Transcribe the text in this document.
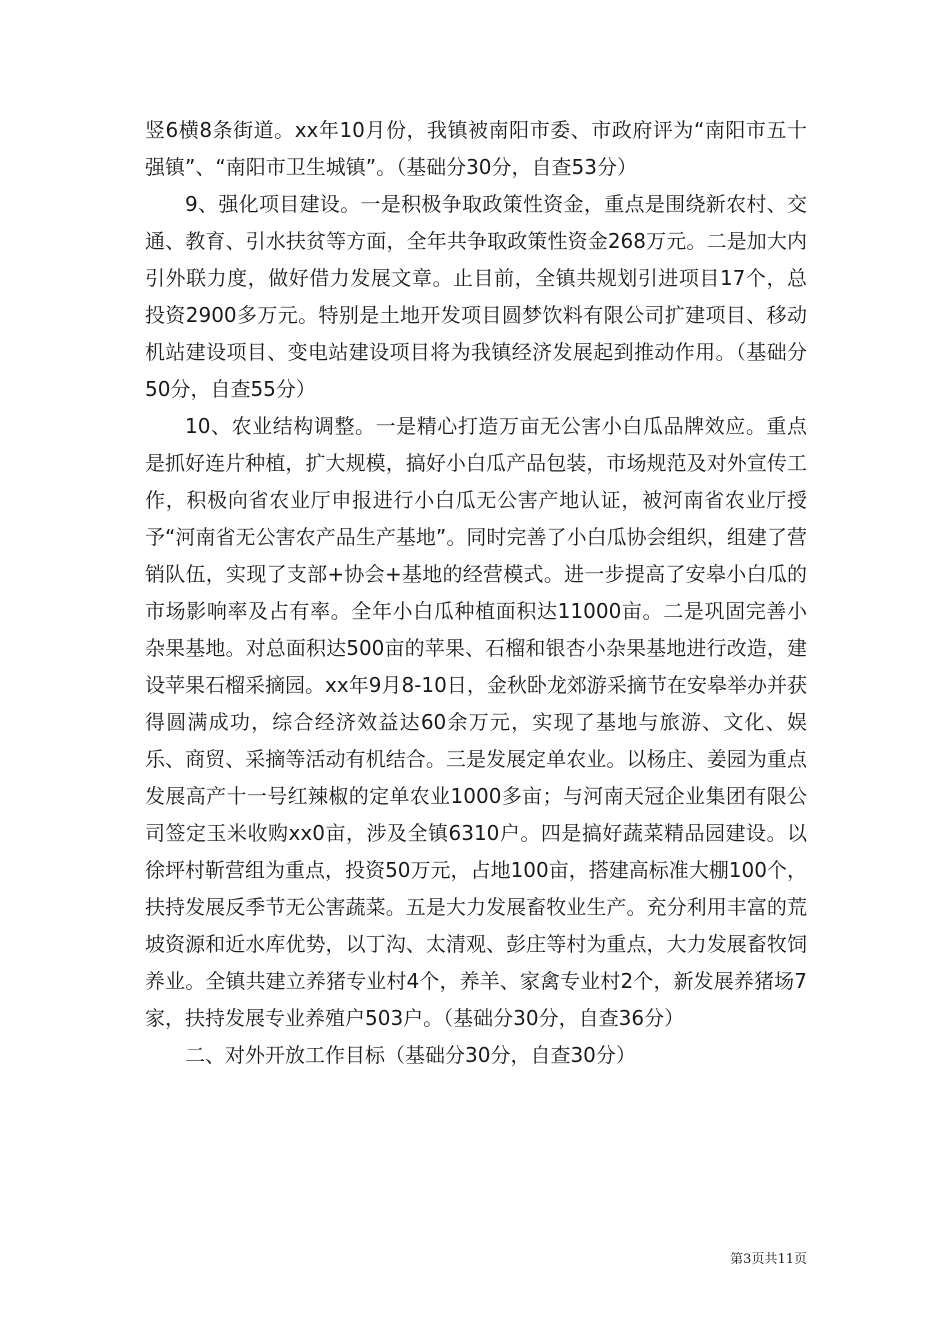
竖6横8条街道。xx年10月份，我镇被南阳市委、市政府评为“南阳市五十强镇”、“南阳市卫生城镇”。（基础分30分，自查53分）

9、强化项目建设。一是积极争取政策性资金，重点是围绕新农村、交通、教育、引水扶贫等方面，全年共争取政策性资金268万元。二是加大内引外联力度，做好借力发展文章。止目前，全镇共规划引进项目17个，总投资2900多万元。特别是土地开发项目圆梦饮料有限公司扩建项目、移动机站建设项目、变电站建设项目将为我镇经济发展起到推动作用。（基础分50分，自查55分）

10、农业结构调整。一是精心打造万亩无公害小白瓜品牌效应。重点是抓好连片种植，扩大规模，搞好小白瓜产品包装，市场规范及对外宣传工作，积极向省农业厅申报进行小白瓜无公害产地认证，被河南省农业厅授予“河南省无公害农产品生产基地”。同时完善了小白瓜协会组织，组建了营销队伍，实现了支部+协会+基地的经营模式。进一步提高了安皋小白瓜的市场影响率及占有率。全年小白瓜种植面积达11000亩。二是巩固完善小杂果基地。对总面积达500亩的苹果、石榴和银杏小杂果基地进行改造，建设苹果石榴采摘园。xx年9月8-10日，金秋卧龙郊游采摘节在安皋举办并获得圆满成功，综合经济效益达60余万元，实现了基地与旅游、文化、娱乐、商贸、采摘等活动有机结合。三是发展定单农业。以杨庄、姜园为重点发展高产十一号红辣椒的定单农业1000多亩；与河南天冠企业集团有限公司签定玉米收购xx0亩，涉及全镇6310户。四是搞好蔬菜精品园建设。以徐坪村靳营组为重点，投资50万元，占地100亩，搭建高标准大棚100个，扶持发展反季节无公害蔬菜。五是大力发展畜牧业生产。充分利用丰富的荒坡资源和近水库优势，以丁沟、太清观、彭庄等村为重点，大力发展畜牧饲养业。全镇共建立养猪专业村4个，养羊、家禽专业村2个，新发展养猪场7家，扶持发展专业养殖户503户。（基础分30分，自查36分）

二、对外开放工作目标（基础分30分，自查30分）

第3页共11页
